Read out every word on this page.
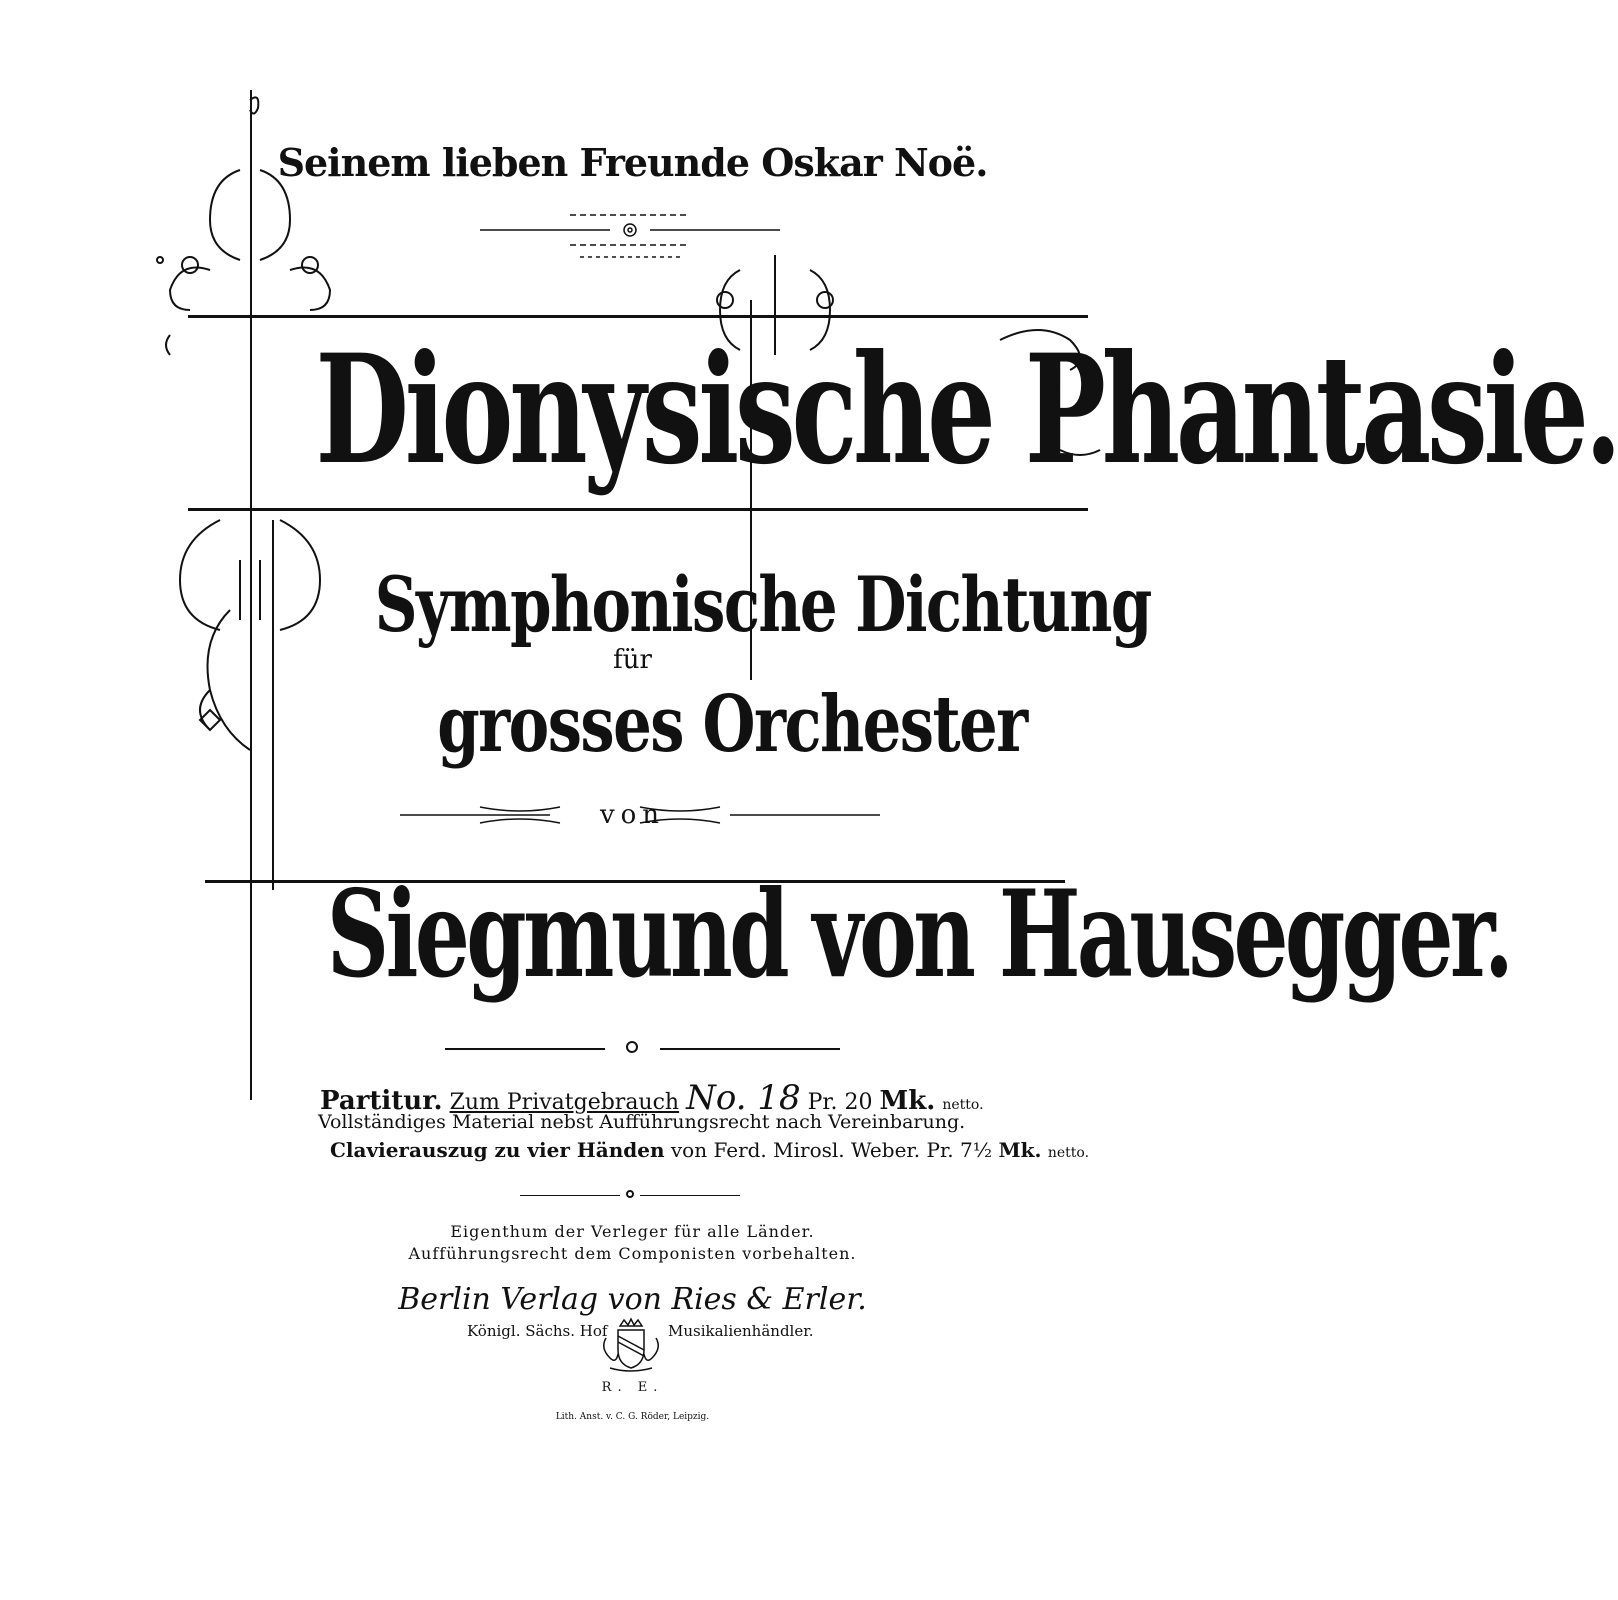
Seinem lieben Freunde Oskar Noë.
Dionysische Phantasie.
Symphonische Dichtung
für
grosses Orchester
von
Siegmund von Hausegger.
Partitur. Zum Privatgebrauch No. 18 Pr. 20 Mk. netto.
Vollständiges Material nebst Aufführungsrecht nach Vereinbarung.
Clavierauszug zu vier Händen von Ferd. Mirosl. Weber. Pr. 7½ Mk. netto.
Eigenthum der Verleger für alle Länder.
Aufführungsrecht dem Componisten vorbehalten.
Berlin Verlag von Ries & Erler.
Königl. Sächs. Hof	Musikalienhändler.
R. E.
Lith. Anst. v. C. G. Röder, Leipzig.
